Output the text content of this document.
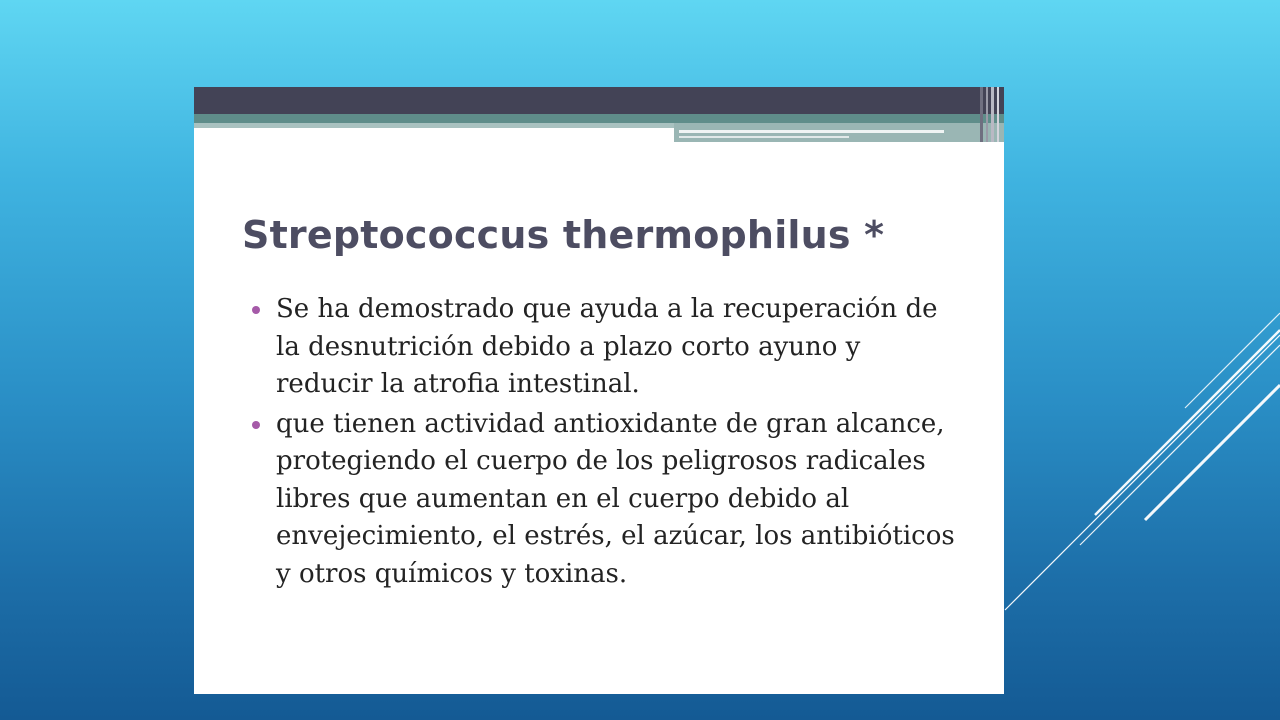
Streptococcus thermophilus *
Se ha demostrado que ayuda a la recuperación de la desnutrición debido a plazo corto ayuno y reducir la atrofia intestinal.
que tienen actividad antioxidante de gran alcance, protegiendo el cuerpo de los peligrosos radicales libres que aumentan en el cuerpo debido al envejecimiento, el estrés, el azúcar, los antibióticos y otros químicos y toxinas.
